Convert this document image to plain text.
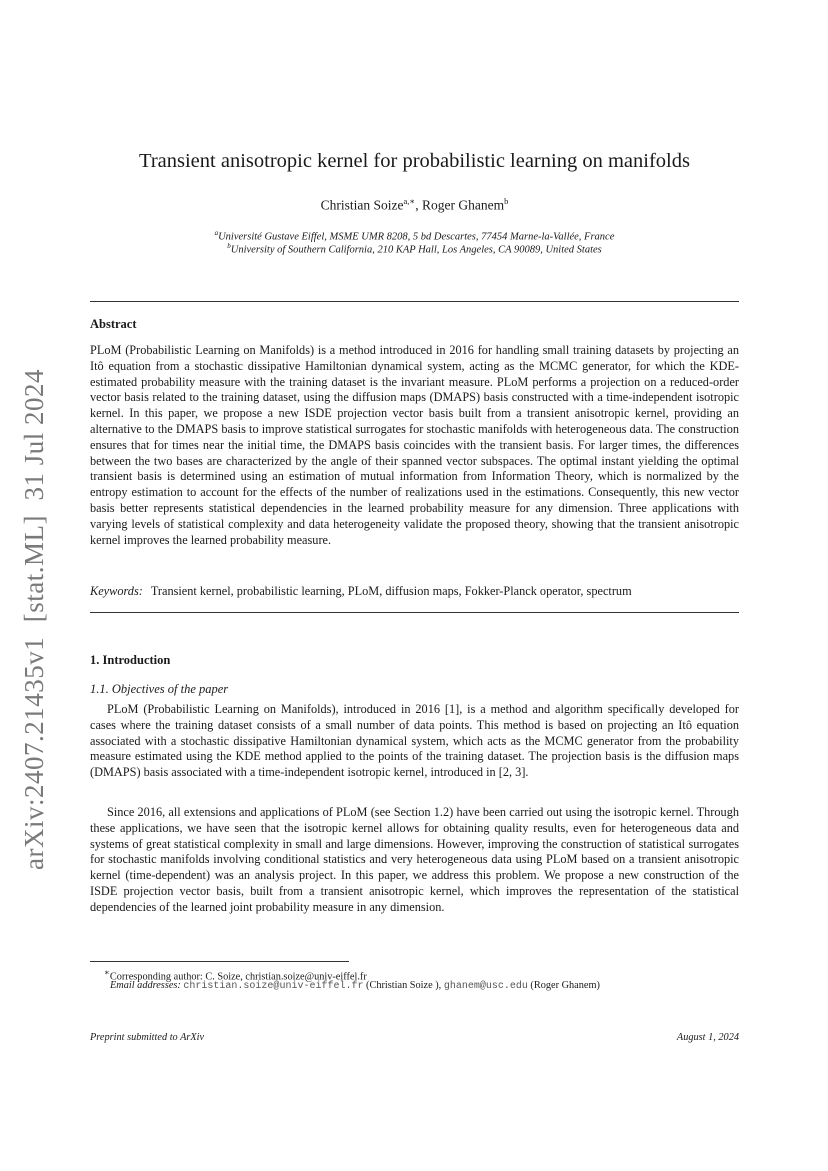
arXiv:2407.21435v1  [stat.ML]  31 Jul 2024
Transient anisotropic kernel for probabilistic learning on manifolds
Christian Soize$^{a,∗}$, Roger Ghanem$^b$
$^a$Université Gustave Eiffel, MSME UMR 8208, 5 bd Descartes, 77454 Marne-la-Vallée, France
$^b$University of Southern California, 210 KAP Hall, Los Angeles, CA 90089, United States
Abstract
PLoM (Probabilistic Learning on Manifolds) is a method introduced in 2016 for handling small training datasets by projecting an Itô equation from a stochastic dissipative Hamiltonian dynamical system, acting as the MCMC generator, for which the KDE-estimated probability measure with the training dataset is the invariant measure. PLoM performs a projection on a reduced-order vector basis related to the training dataset, using the diffusion maps (DMAPS) basis constructed with a time-independent isotropic kernel. In this paper, we propose a new ISDE projection vector basis built from a transient anisotropic kernel, providing an alternative to the DMAPS basis to improve statistical surrogates for stochastic manifolds with heterogeneous data. The construction ensures that for times near the initial time, the DMAPS basis coincides with the transient basis. For larger times, the differences between the two bases are characterized by the angle of their spanned vector subspaces. The optimal instant yielding the optimal transient basis is determined using an estimation of mutual information from Information Theory, which is normalized by the entropy estimation to account for the effects of the number of realizations used in the estimations. Consequently, this new vector basis better represents statistical dependencies in the learned probability measure for any dimension. Three applications with varying levels of statistical complexity and data heterogeneity validate the proposed theory, showing that the transient anisotropic kernel improves the learned probability measure.
Keywords: Transient kernel, probabilistic learning, PLoM, diffusion maps, Fokker-Planck operator, spectrum
1. Introduction
1.1. Objectives of the paper
PLoM (Probabilistic Learning on Manifolds), introduced in 2016 [1], is a method and algorithm specifically developed for cases where the training dataset consists of a small number of data points. This method is based on projecting an Itô equation associated with a stochastic dissipative Hamiltonian dynamical system, which acts as the MCMC generator from the probability measure estimated using the KDE method applied to the points of the training dataset. The projection basis is the diffusion maps (DMAPS) basis associated with a time-independent isotropic kernel, introduced in [2, 3].
Since 2016, all extensions and applications of PLoM (see Section 1.2) have been carried out using the isotropic kernel. Through these applications, we have seen that the isotropic kernel allows for obtaining quality results, even for heterogeneous data and systems of great statistical complexity in small and large dimensions. However, improving the construction of statistical surrogates for stochastic manifolds involving conditional statistics and very heterogeneous data using PLoM based on a transient anisotropic kernel (time-dependent) was an analysis project. In this paper, we address this problem. We propose a new construction of the ISDE projection vector basis, built from a transient anisotropic kernel, which improves the representation of the statistical dependencies of the learned joint probability measure in any dimension.
∗Corresponding author: C. Soize, christian.soize@univ-eiffel.fr
Email addresses: christian.soize@univ-eiffel.fr (Christian Soize ), ghanem@usc.edu (Roger Ghanem)
Preprint submitted to ArXiv	August 1, 2024
